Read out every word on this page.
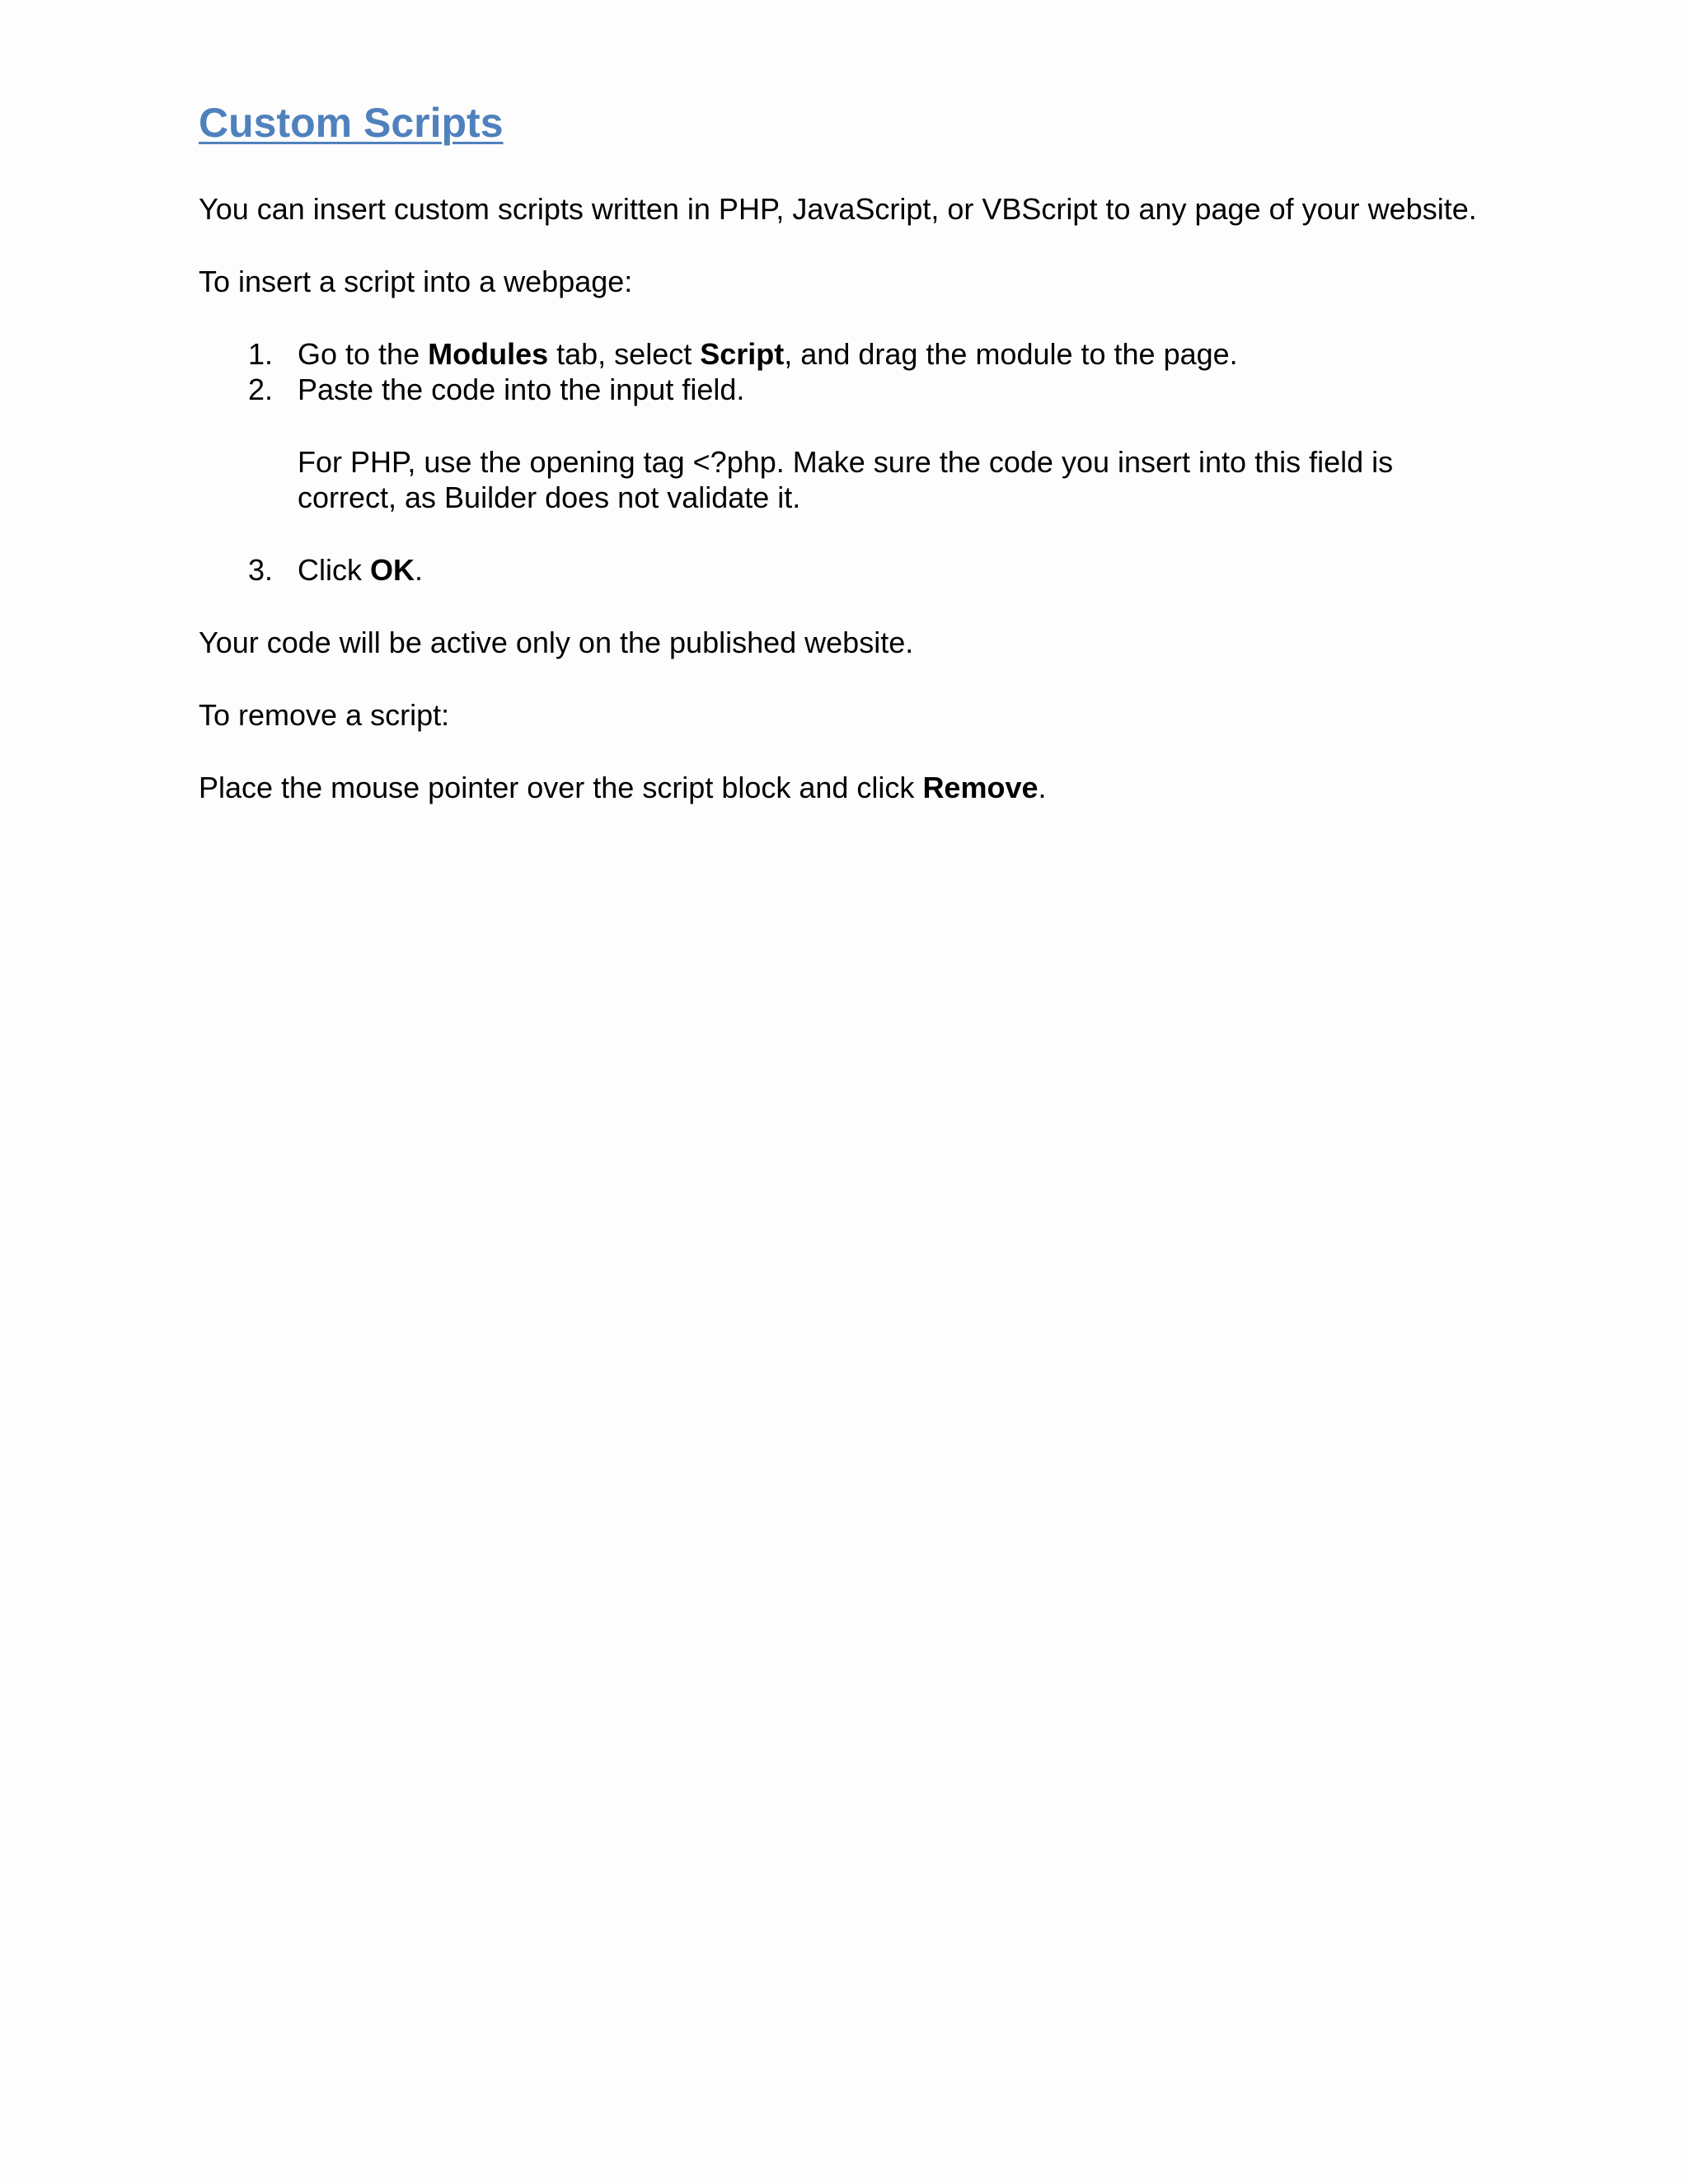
Custom Scripts

You can insert custom scripts written in PHP, JavaScript, or VBScript to any page of your website.

To insert a script into a webpage:

1. Go to the Modules tab, select Script, and drag the module to the page.
2. Paste the code into the input field.
For PHP, use the opening tag <?php. Make sure the code you insert into this field is correct, as Builder does not validate it.
3. Click OK.

Your code will be active only on the published website.

To remove a script:

Place the mouse pointer over the script block and click Remove.
